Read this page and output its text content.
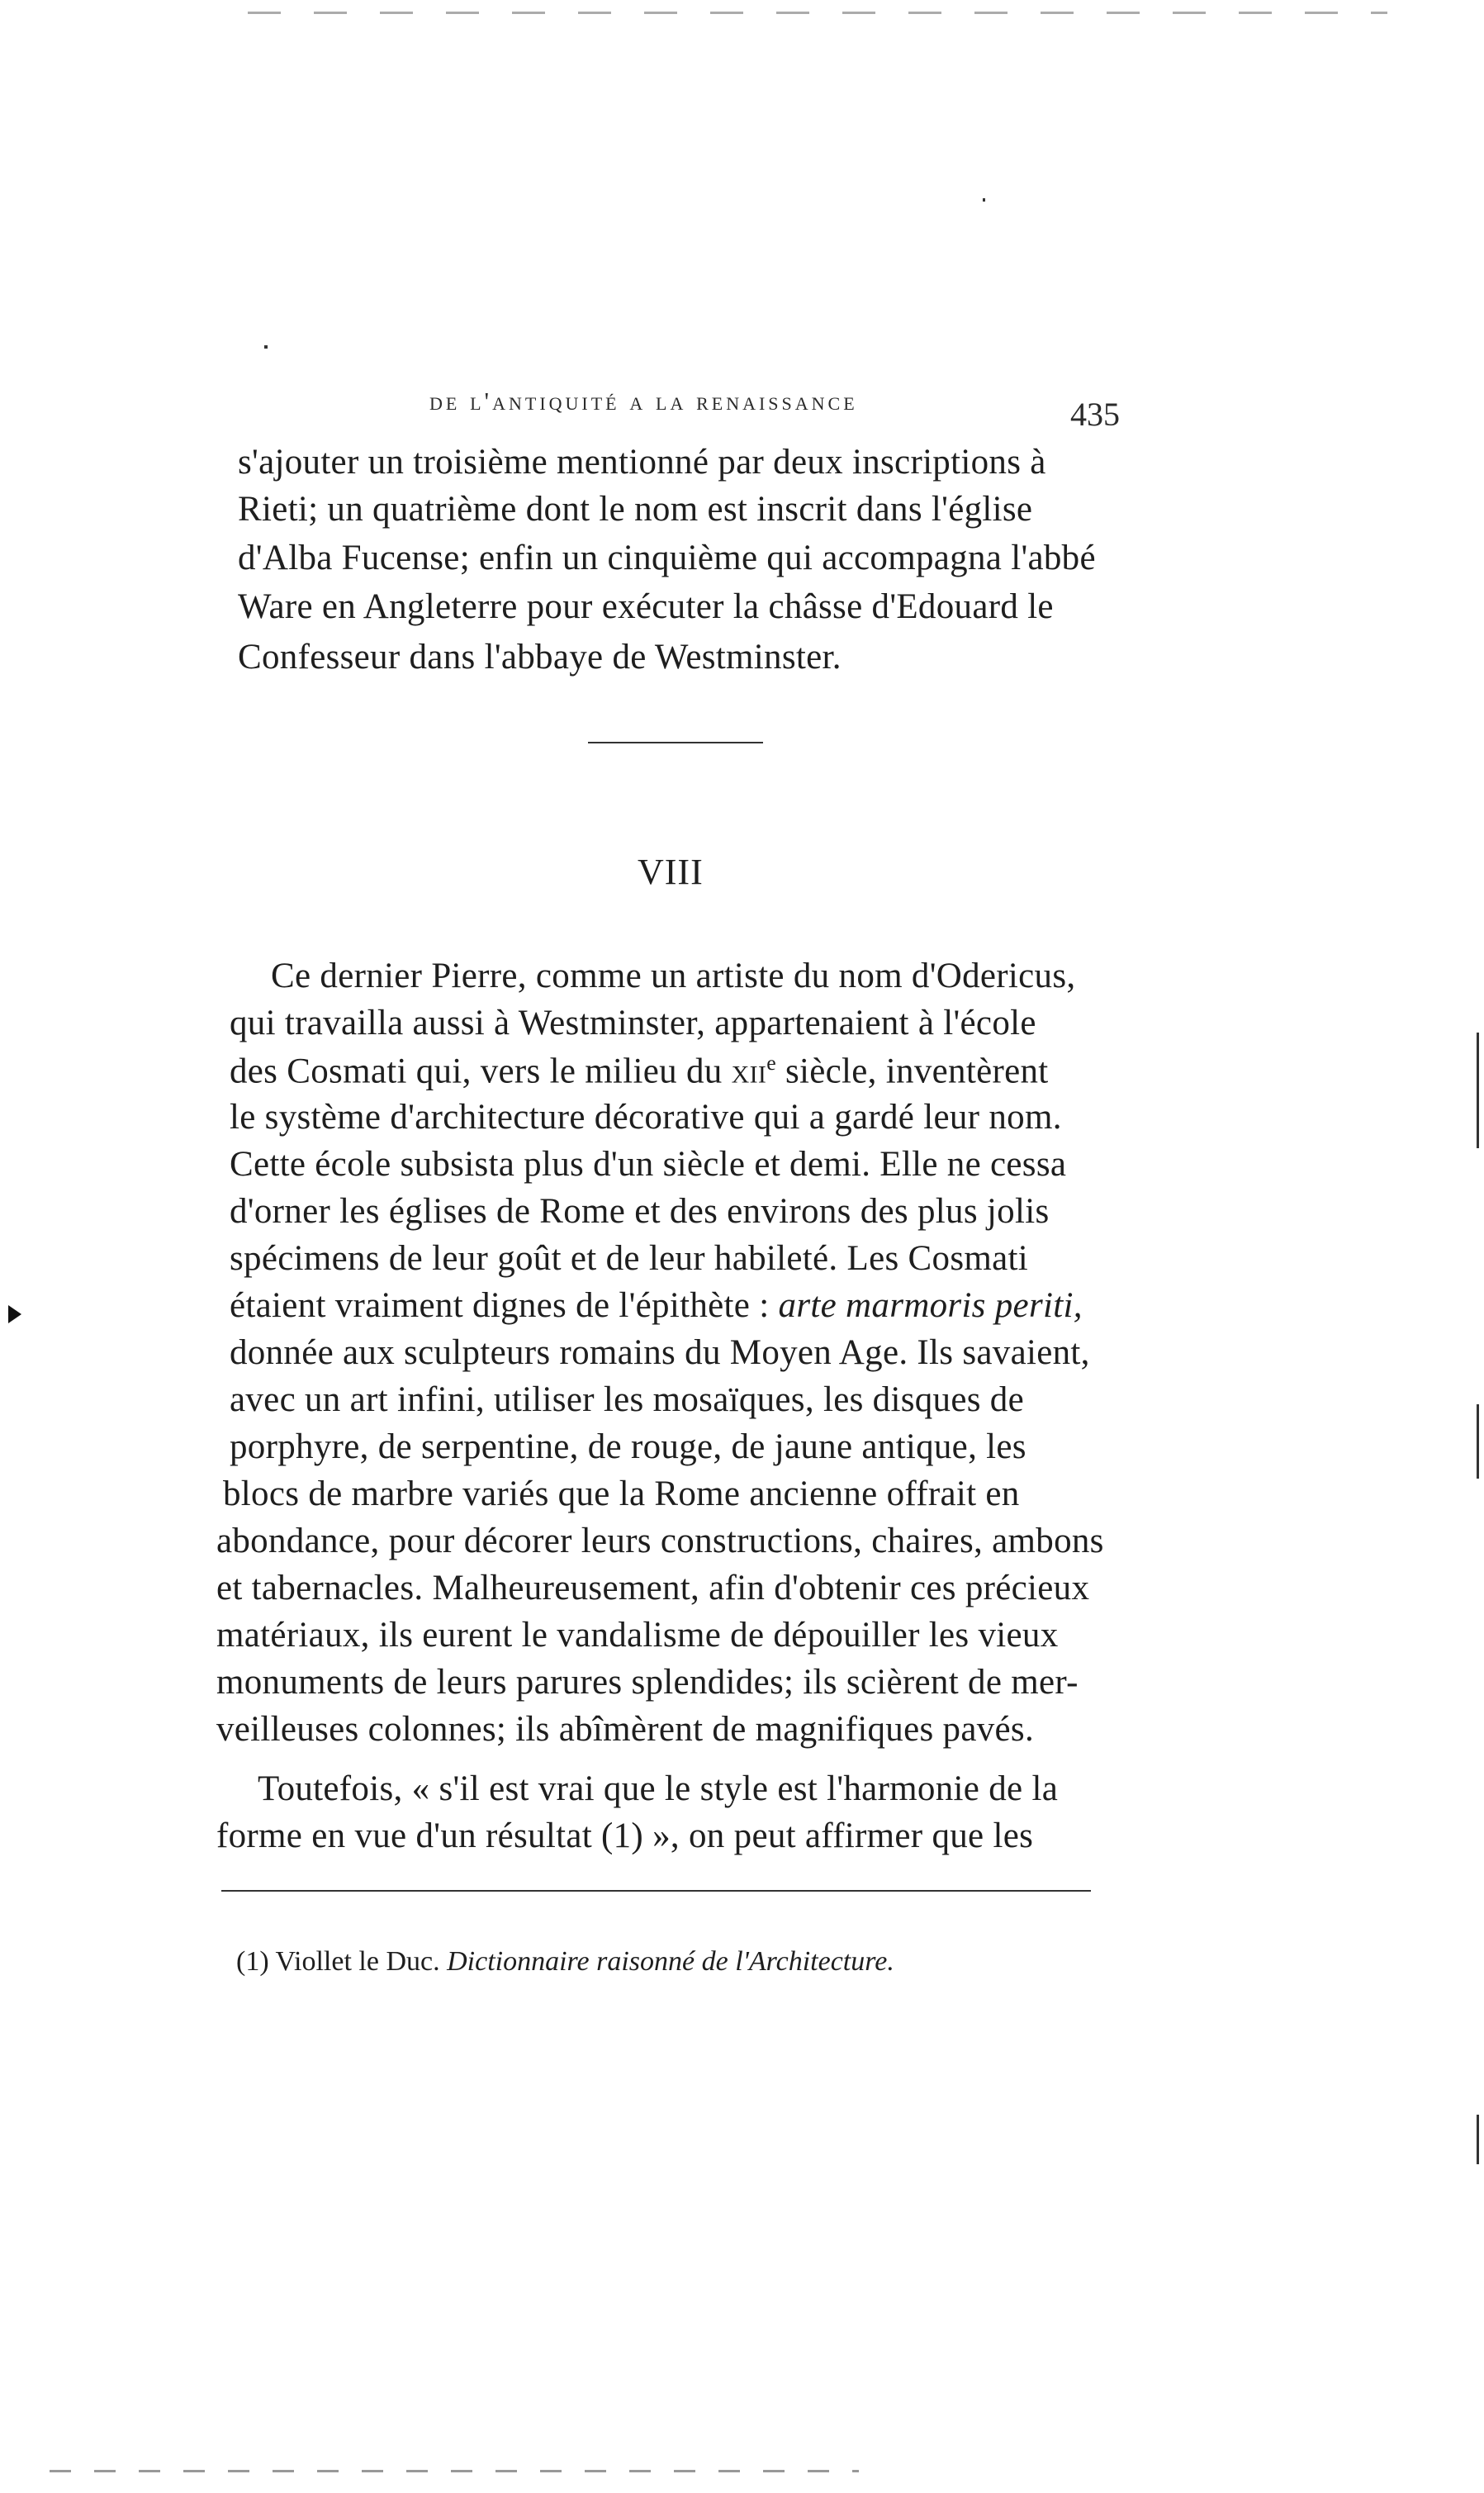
de l'antiquité a la renaissance	435
s'ajouter un troisième mentionné par deux inscriptions à
Rieti; un quatrième dont le nom est inscrit dans l'église
d'Alba Fucense; enfin un cinquième qui accompagna l'abbé
Ware en Angleterre pour exécuter la châsse d'Edouard le
Confesseur dans l'abbaye de Westminster.
VIII
Ce dernier Pierre, comme un artiste du nom d'Odericus,
qui travailla aussi à Westminster, appartenaient à l'école
des Cosmati qui, vers le milieu du xii$^e$ siècle, inventèrent
le système d'architecture décorative qui a gardé leur nom.
Cette école subsista plus d'un siècle et demi. Elle ne cessa
d'orner les églises de Rome et des environs des plus jolis
spécimens de leur goût et de leur habileté. Les Cosmati
étaient vraiment dignes de l'épithète : arte marmoris periti,
donnée aux sculpteurs romains du Moyen Age. Ils savaient,
avec un art infini, utiliser les mosaïques, les disques de
porphyre, de serpentine, de rouge, de jaune antique, les
blocs de marbre variés que la Rome ancienne offrait en
abondance, pour décorer leurs constructions, chaires, ambons
et tabernacles. Malheureusement, afin d'obtenir ces précieux
matériaux, ils eurent le vandalisme de dépouiller les vieux
monuments de leurs parures splendides; ils scièrent de mer-
veilleuses colonnes; ils abîmèrent de magnifiques pavés.
Toutefois, « s'il est vrai que le style est l'harmonie de la
forme en vue d'un résultat (1) », on peut affirmer que les
(1) Viollet le Duc. Dictionnaire raisonné de l'Architecture.
